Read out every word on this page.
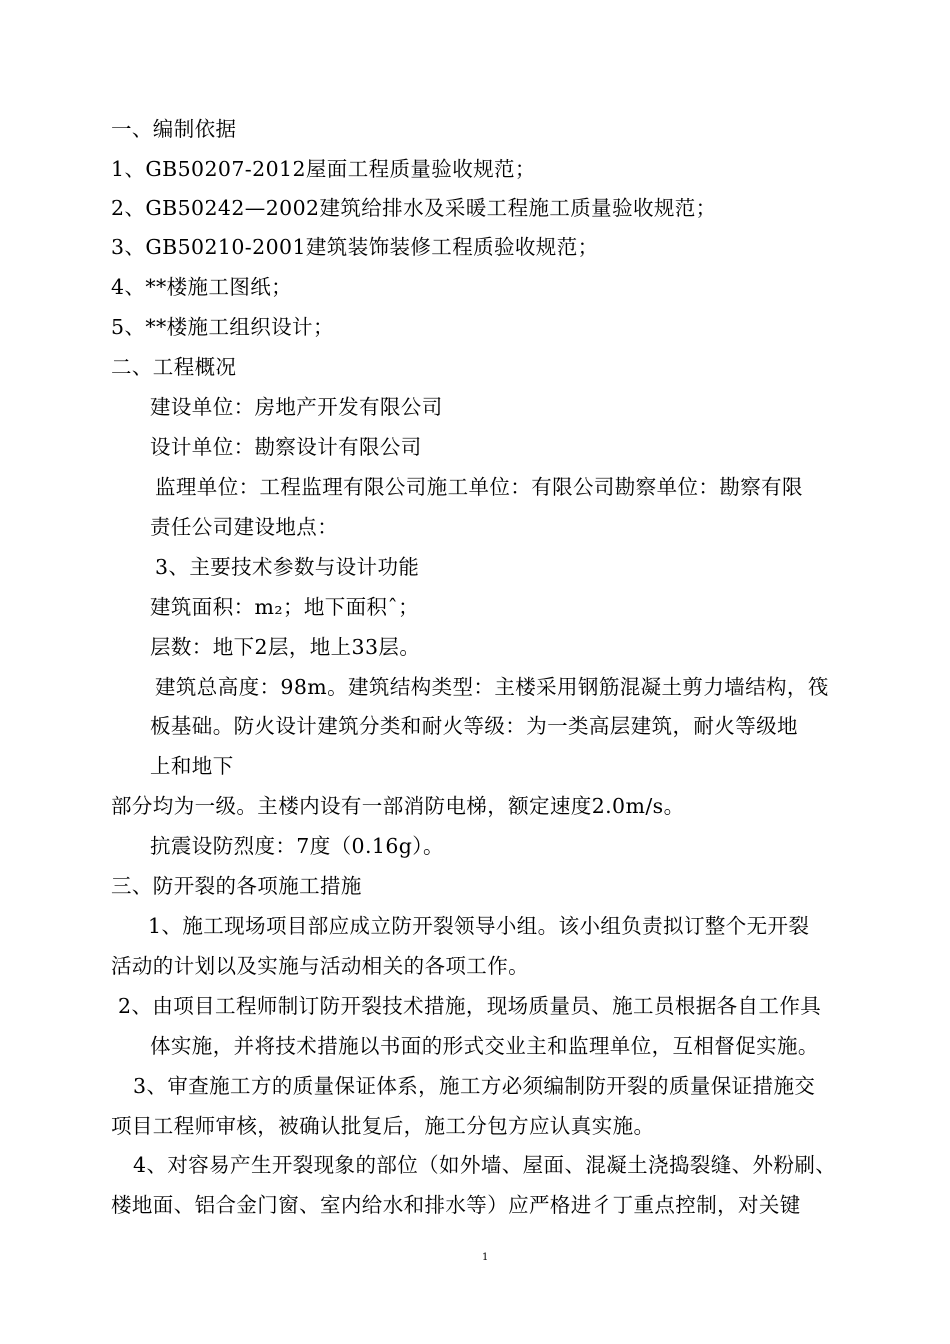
一、编制依据
1、GB50207-2012屋面工程质量验收规范；
2、GB50242—2002建筑给排水及采暖工程施工质量验收规范；
3、GB50210-2001建筑装饰装修工程质验收规范；
4、**楼施工图纸；
5、**楼施工组织设计；
二、工程概况
建设单位：房地产开发有限公司
设计单位：勘察设计有限公司
监理单位：工程监理有限公司施工单位：有限公司勘察单位：勘察有限
责任公司建设地点：
3、主要技术参数与设计功能
建筑面积：m₂；地下面积ˆ；
层数：地下2层，地上33层。
建筑总高度：98m。建筑结构类型：主楼采用钢筋混凝土剪力墙结构，筏
板基础。防火设计建筑分类和耐火等级：为一类高层建筑，耐火等级地
上和地下
部分均为一级。主楼内设有一部消防电梯，额定速度2.0m/s。
抗震设防烈度：7度（0.16g）。
三、防开裂的各项施工措施
1、施工现场项目部应成立防开裂领导小组。该小组负责拟订整个无开裂
活动的计划以及实施与活动相关的各项工作。
2、由项目工程师制订防开裂技术措施，现场质量员、施工员根据各自工作具
体实施，并将技术措施以书面的形式交业主和监理单位，互相督促实施。
3、审查施工方的质量保证体系，施工方必须编制防开裂的质量保证措施交
项目工程师审核，被确认批复后，施工分包方应认真实施。
4、对容易产生开裂现象的部位（如外墙、屋面、混凝土浇捣裂缝、外粉刷、
楼地面、铝合金门窗、室内给水和排水等）应严格进彳丁重点控制，对关键
1
